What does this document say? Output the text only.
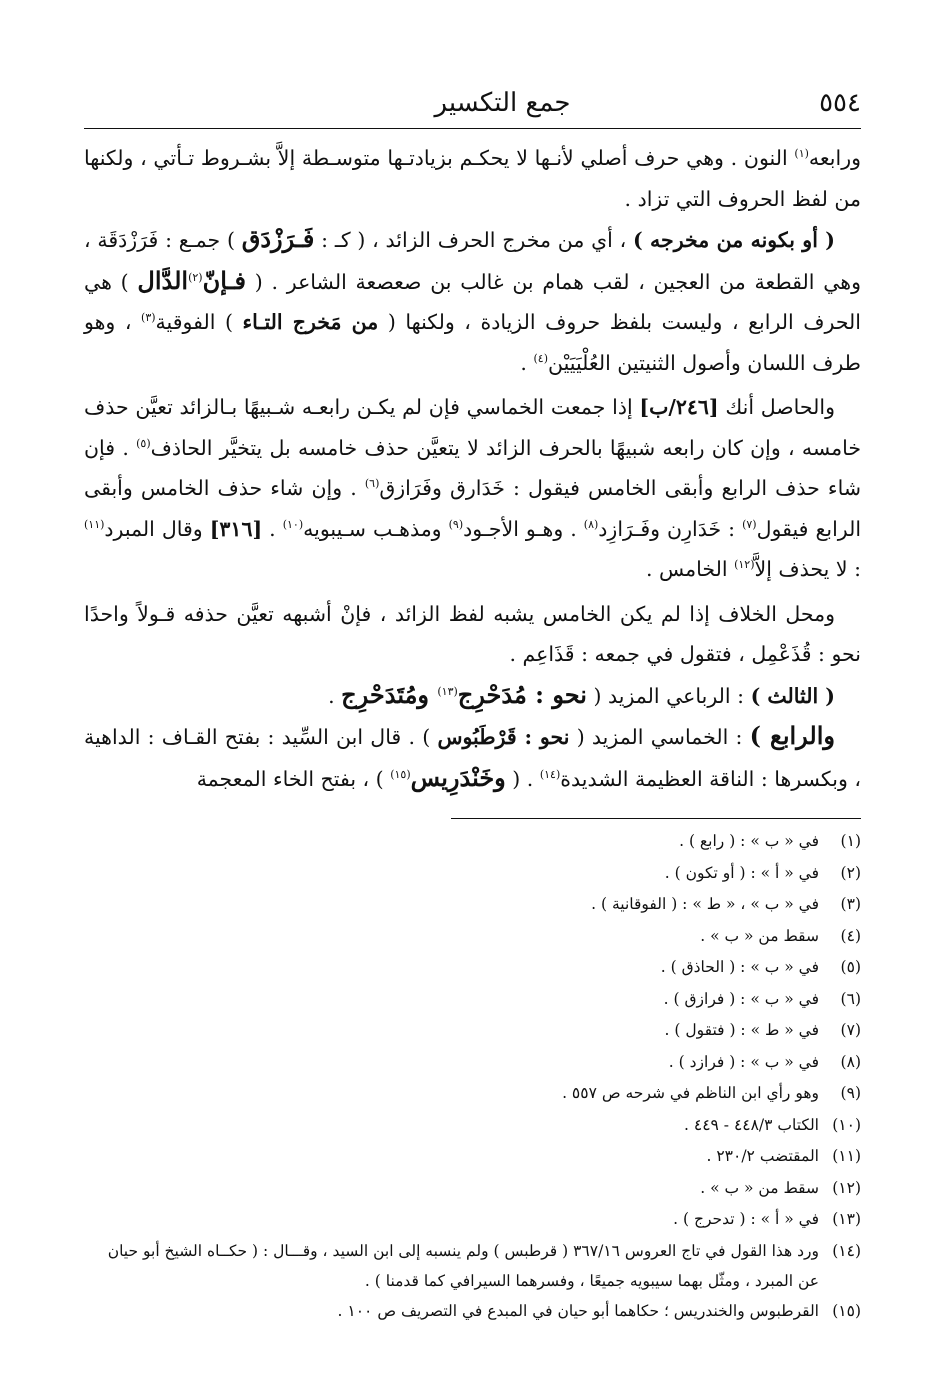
٥٥٤
جمع التكسير

ورابعه$^{(١)}$ النون . وهي حرف أصلي لأنـها لا يحكـم بزيادتـها متوسـطة إلاَّ بشـروط تـأتي ، ولكنها من لفظ الحروف التي تزاد .

( أو بكونه من مخرجه ) ، أي من مخرج الحرف الزائد ، ( كـ : فَـرَزْدَق ) جمـع : فَرَزْدَقَة ، وهي القطعة من العجين ، لقب همام بن غالب بن صعصعة الشاعر . ( فـإنّ$^{(٢)}$الدَّال ) هي الحرف الرابع ، وليست بلفظ حروف الزيادة ، ولكنها ( من مَخرج التـاء ) الفوقية$^{(٣)}$ ، وهو طرف اللسان وأصول الثنيتين العُلْيَيَيْن$^{(٤)}$ .

والحاصل أنك [٢٤٦/ب] إذا جمعت الخماسي فإن لم يكـن رابعـه شـبيهًا بـالزائد تعيَّن حذف خامسه ، وإن كان رابعه شبيهًا بالحرف الزائد لا يتعيَّن حذف خامسه بل يتخيَّر الحاذف$^{(٥)}$ . فإن شاء حذف الرابع وأبقى الخامس فيقول : خَدَارق وفَرَازق$^{(٦)}$ . وإن شاء حذف الخامس وأبقى الرابع فيقول$^{(٧)}$ : خَدَارِن وفَـرَازِد$^{(٨)}$ . وهـو الأجـود$^{(٩)}$ ومذهـب سـيبويه$^{(١٠)}$ . [٣١٦] وقال المبرد$^{(١١)}$ : لا يحذف إلاَّ$^{(١٢)}$ الخامس .

ومحل الخلاف إذا لم يكن الخامس يشبه لفظ الزائد ، فإنْ أشبهه تعيَّن حذفه قـولاً واحدًا نحو : قُذَعْمِل ، فتقول في جمعه : قَذَاعِم .

( الثالث ) : الرباعي المزيد ( نحو : مُدَحْرِج$^{(١٣)}$ ومُتَدَحْرِج .

والرابع ) : الخماسي المزيد ( نحو : قَرْطَبُوس ) . قال ابن السِّيد : بفتح القـاف : الداهية ، وبكسرها : الناقة العظيمة الشديدة$^{(١٤)}$ . ( وخَنْدَرِيس$^{(١٥)}$ ) ، بفتح الخاء المعجمة

(١)
في « ب » : ( رابع ) .
(٢)
في « أ » : ( أو تكون ) .
(٣)
في « ب » ، « ط » : ( الفوقانية ) .
(٤)
سقط من « ب » .
(٥)
في « ب » : ( الحاذق ) .
(٦)
في « ب » : ( فرازق ) .
(٧)
في « ط » : ( فتقول ) .
(٨)
في « ب » : ( فرازد ) .
(٩)
وهو رأي ابن الناظم في شرحه ص ٥٥٧ .
(١٠)
الكتاب ٤٤٨/٣ - ٤٤٩ .
(١١)
المقتضب ٢٣٠/٢ .
(١٢)
سقط من « ب » .
(١٣)
في « أ » : ( تدحرج ) .
(١٤)
ورد هذا القول في تاج العروس ٣٦٧/١٦ ( قرطبس ) ولم ينسبه إلى ابن السيد ، وقـــال : ( حكــاه الشيخ أبو حيان عن المبرد ، ومثّل بهما سيبويه جميعًا ، وفسرهما السيرافي كما قدمنا ) .
(١٥)
القرطبوس والخندريس ؛ حكاهما أبو حيان في المبدع في التصريف ص ١٠٠ .
